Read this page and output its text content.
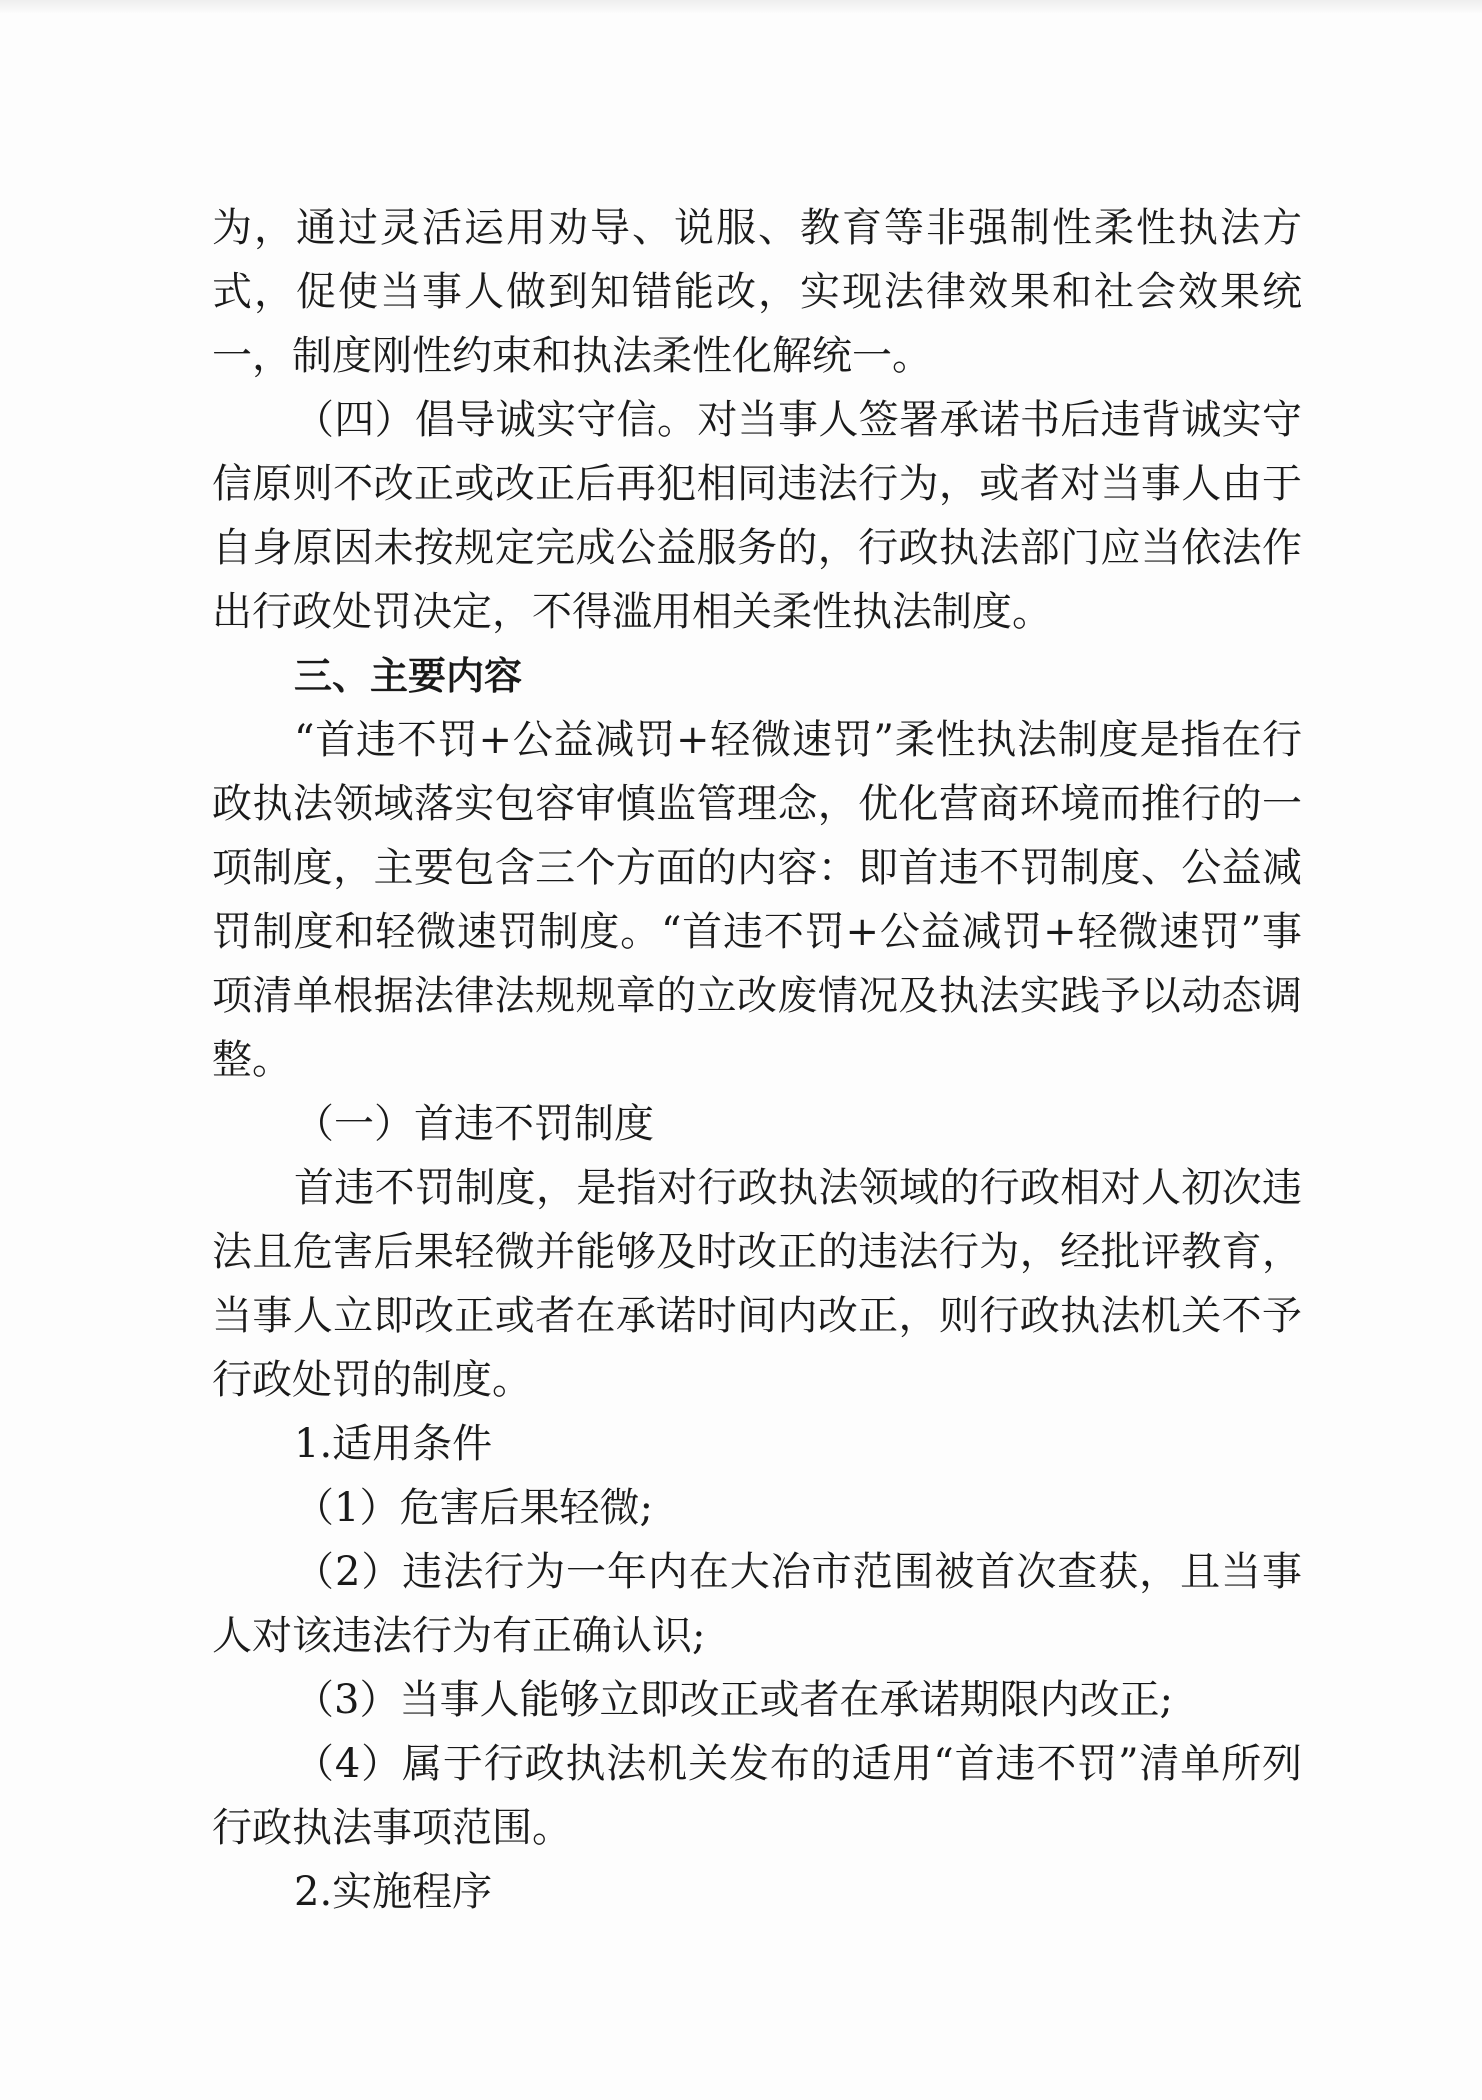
为，通过灵活运用劝导、说服、教育等非强制性柔性执法方式，促使当事人做到知错能改，实现法律效果和社会效果统一，制度刚性约束和执法柔性化解统一。

（四）倡导诚实守信。对当事人签署承诺书后违背诚实守信原则不改正或改正后再犯相同违法行为，或者对当事人由于自身原因未按规定完成公益服务的，行政执法部门应当依法作出行政处罚决定，不得滥用相关柔性执法制度。

三、主要内容

“首违不罚+公益减罚+轻微速罚”柔性执法制度是指在行政执法领域落实包容审慎监管理念，优化营商环境而推行的一项制度，主要包含三个方面的内容：即首违不罚制度、公益减罚制度和轻微速罚制度。“首违不罚+公益减罚+轻微速罚”事项清单根据法律法规规章的立改废情况及执法实践予以动态调整。

（一）首违不罚制度

首违不罚制度，是指对行政执法领域的行政相对人初次违法且危害后果轻微并能够及时改正的违法行为，经批评教育，当事人立即改正或者在承诺时间内改正，则行政执法机关不予行政处罚的制度。

1.适用条件

（1）危害后果轻微;

（2）违法行为一年内在大冶市范围被首次查获，且当事人对该违法行为有正确认识;

（3）当事人能够立即改正或者在承诺期限内改正;

（4）属于行政执法机关发布的适用“首违不罚”清单所列行政执法事项范围。

2.实施程序
